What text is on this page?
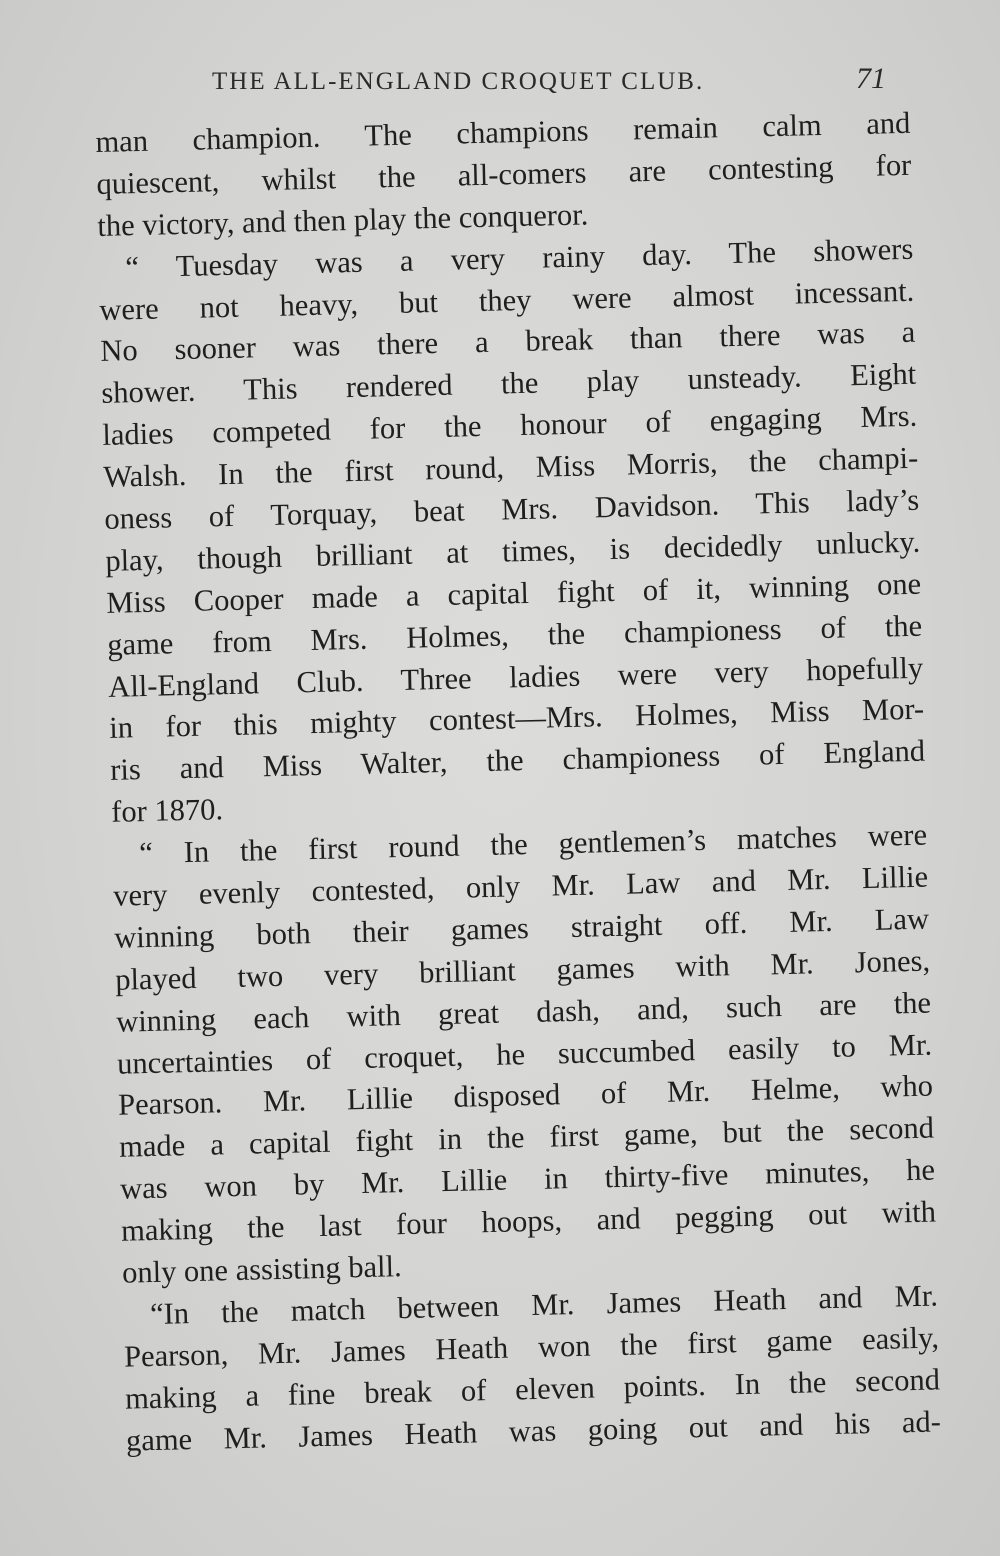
THE ALL-ENGLAND CROQUET CLUB.	71
man champion. The champions remain calm and
quiescent, whilst the all-comers are contesting for
the victory, and then play the conqueror.
“ Tuesday was a very rainy day. The showers
were not heavy, but they were almost incessant.
No sooner was there a break than there was a
shower. This rendered the play unsteady. Eight
ladies competed for the honour of engaging Mrs.
Walsh. In the first round, Miss Morris, the champi-
oness of Torquay, beat Mrs. Davidson. This lady’s
play, though brilliant at times, is decidedly unlucky.
Miss Cooper made a capital fight of it, winning one
game from Mrs. Holmes, the championess of the
All-England Club. Three ladies were very hopefully
in for this mighty contest—Mrs. Holmes, Miss Mor-
ris and Miss Walter, the championess of England
for 1870.
“ In the first round the gentlemen’s matches were
very evenly contested, only Mr. Law and Mr. Lillie
winning both their games straight off. Mr. Law
played two very brilliant games with Mr. Jones,
winning each with great dash, and, such are the
uncertainties of croquet, he succumbed easily to Mr.
Pearson. Mr. Lillie disposed of Mr. Helme, who
made a capital fight in the first game, but the second
was won by Mr. Lillie in thirty-five minutes, he
making the last four hoops, and pegging out with
only one assisting ball.
“In the match between Mr. James Heath and Mr.
Pearson, Mr. James Heath won the first game easily,
making a fine break of eleven points. In the second
game Mr. James Heath was going out and his ad-
